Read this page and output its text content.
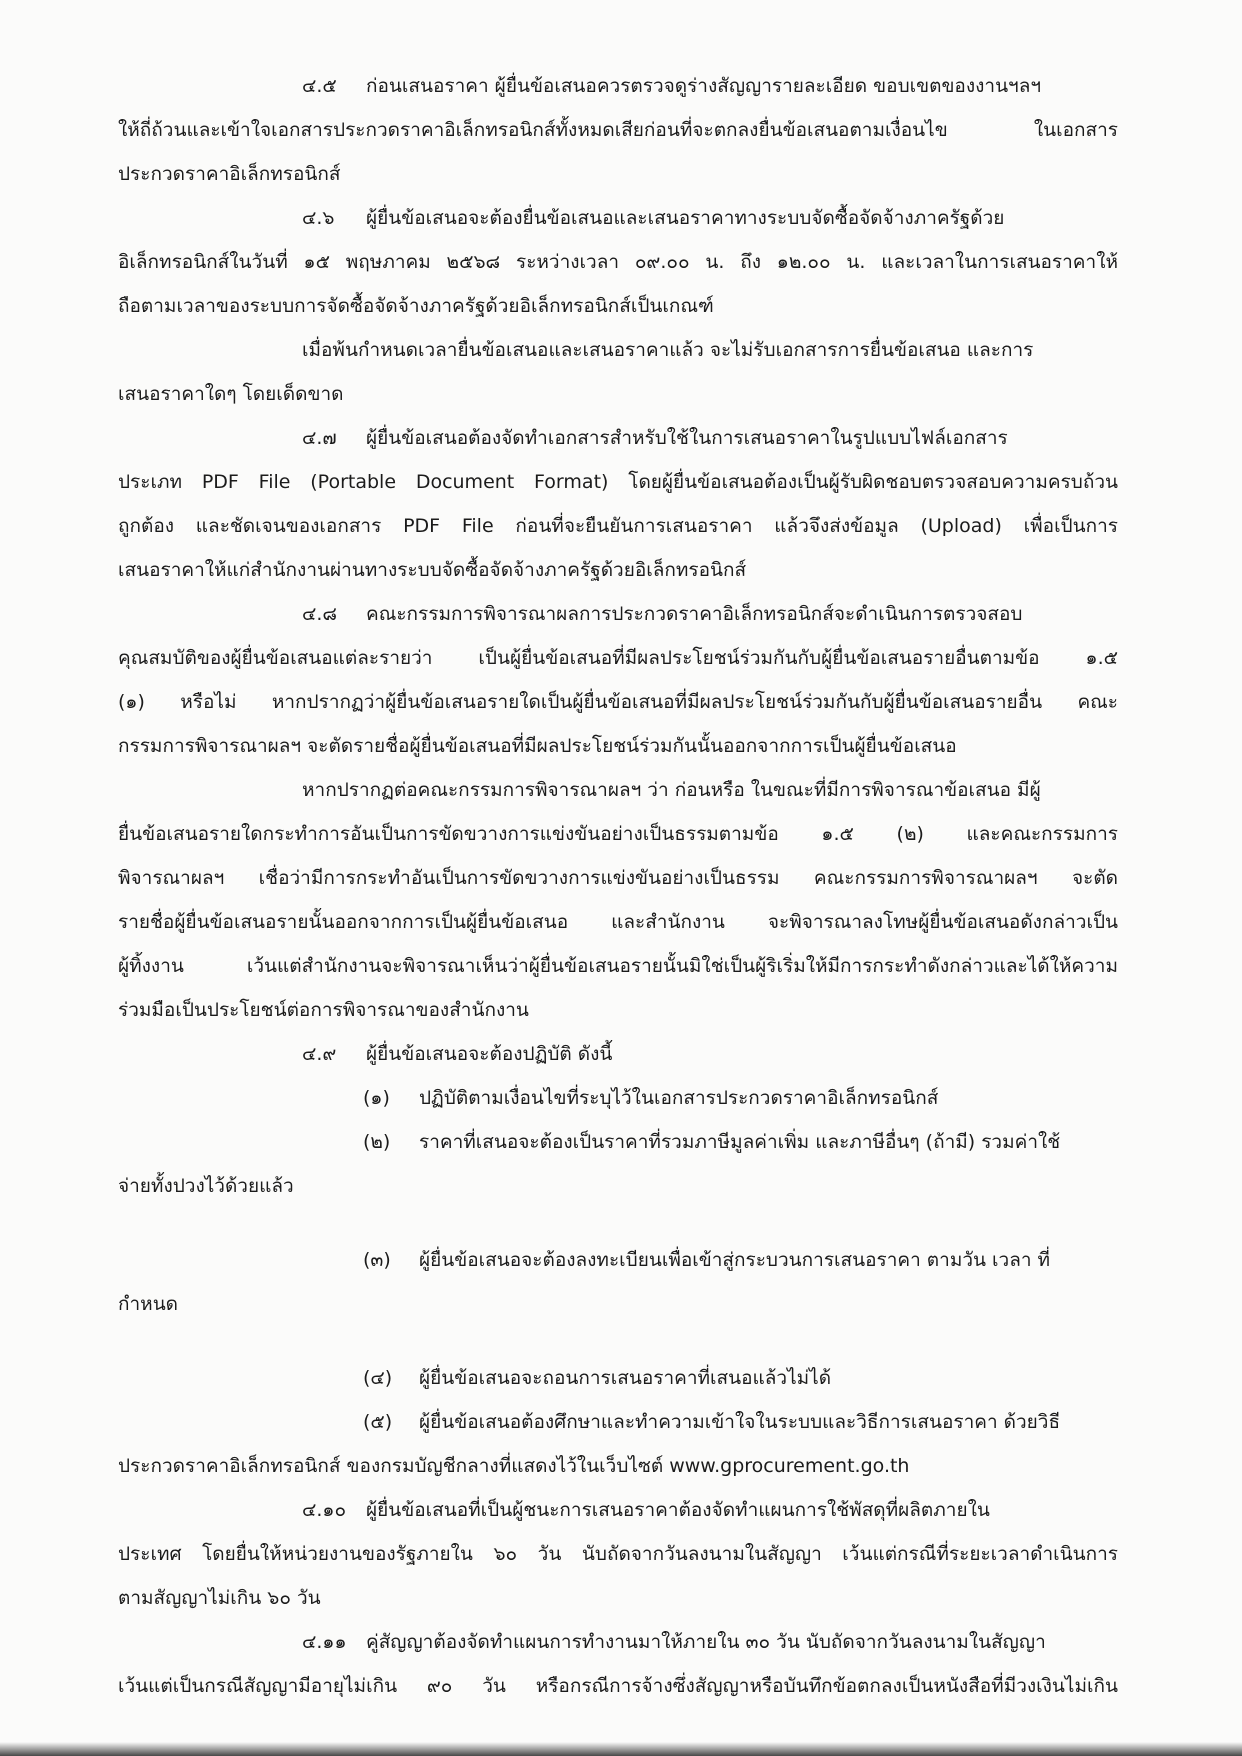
๔.๕ ก่อนเสนอราคา ผู้ยื่นข้อเสนอควรตรวจดูร่างสัญญารายละเอียด ขอบเขตของงานฯลฯ
ให้ถี่ถ้วนและเข้าใจเอกสารประกวดราคาอิเล็กทรอนิกส์ทั้งหมดเสียก่อนที่จะตกลงยื่นข้อเสนอตามเงื่อนไข ในเอกสาร
ประกวดราคาอิเล็กทรอนิกส์
๔.๖ ผู้ยื่นข้อเสนอจะต้องยื่นข้อเสนอและเสนอราคาทางระบบจัดซื้อจัดจ้างภาครัฐด้วย
อิเล็กทรอนิกส์ในวันที่ ๑๕ พฤษภาคม ๒๕๖๘ ระหว่างเวลา ๐๙.๐๐ น. ถึง ๑๒.๐๐ น. และเวลาในการเสนอราคาให้
ถือตามเวลาของระบบการจัดซื้อจัดจ้างภาครัฐด้วยอิเล็กทรอนิกส์เป็นเกณฑ์
เมื่อพ้นกำหนดเวลายื่นข้อเสนอและเสนอราคาแล้ว จะไม่รับเอกสารการยื่นข้อเสนอ และการ
เสนอราคาใดๆ โดยเด็ดขาด
๔.๗ ผู้ยื่นข้อเสนอต้องจัดทำเอกสารสำหรับใช้ในการเสนอราคาในรูปแบบไฟล์เอกสาร
ประเภท PDF File (Portable Document Format) โดยผู้ยื่นข้อเสนอต้องเป็นผู้รับผิดชอบตรวจสอบความครบถ้วน
ถูกต้อง และชัดเจนของเอกสาร PDF File ก่อนที่จะยืนยันการเสนอราคา แล้วจึงส่งข้อมูล (Upload) เพื่อเป็นการ
เสนอราคาให้แก่สำนักงานผ่านทางระบบจัดซื้อจัดจ้างภาครัฐด้วยอิเล็กทรอนิกส์
๔.๘ คณะกรรมการพิจารณาผลการประกวดราคาอิเล็กทรอนิกส์จะดำเนินการตรวจสอบ
คุณสมบัติของผู้ยื่นข้อเสนอแต่ละรายว่า เป็นผู้ยื่นข้อเสนอที่มีผลประโยชน์ร่วมกันกับผู้ยื่นข้อเสนอรายอื่นตามข้อ ๑.๕
(๑) หรือไม่ หากปรากฏว่าผู้ยื่นข้อเสนอรายใดเป็นผู้ยื่นข้อเสนอที่มีผลประโยชน์ร่วมกันกับผู้ยื่นข้อเสนอรายอื่น คณะ
กรรมการพิจารณาผลฯ จะตัดรายชื่อผู้ยื่นข้อเสนอที่มีผลประโยชน์ร่วมกันนั้นออกจากการเป็นผู้ยื่นข้อเสนอ
หากปรากฏต่อคณะกรรมการพิจารณาผลฯ ว่า ก่อนหรือ ในขณะที่มีการพิจารณาข้อเสนอ มีผู้
ยื่นข้อเสนอรายใดกระทำการอันเป็นการขัดขวางการแข่งขันอย่างเป็นธรรมตามข้อ ๑.๕ (๒) และคณะกรรมการ
พิจารณาผลฯ เชื่อว่ามีการกระทำอันเป็นการขัดขวางการแข่งขันอย่างเป็นธรรม คณะกรรมการพิจารณาผลฯ จะตัด
รายชื่อผู้ยื่นข้อเสนอรายนั้นออกจากการเป็นผู้ยื่นข้อเสนอ และสำนักงาน จะพิจารณาลงโทษผู้ยื่นข้อเสนอดังกล่าวเป็น
ผู้ทิ้งงาน เว้นแต่สำนักงานจะพิจารณาเห็นว่าผู้ยื่นข้อเสนอรายนั้นมิใช่เป็นผู้ริเริ่มให้มีการกระทำดังกล่าวและได้ให้ความ
ร่วมมือเป็นประโยชน์ต่อการพิจารณาของสำนักงาน
๔.๙ ผู้ยื่นข้อเสนอจะต้องปฏิบัติ ดังนี้
(๑) ปฏิบัติตามเงื่อนไขที่ระบุไว้ในเอกสารประกวดราคาอิเล็กทรอนิกส์
(๒) ราคาที่เสนอจะต้องเป็นราคาที่รวมภาษีมูลค่าเพิ่ม และภาษีอื่นๆ (ถ้ามี) รวมค่าใช้
จ่ายทั้งปวงไว้ด้วยแล้ว
(๓) ผู้ยื่นข้อเสนอจะต้องลงทะเบียนเพื่อเข้าสู่กระบวนการเสนอราคา ตามวัน เวลา ที่
กำหนด
(๔) ผู้ยื่นข้อเสนอจะถอนการเสนอราคาที่เสนอแล้วไม่ได้
(๕) ผู้ยื่นข้อเสนอต้องศึกษาและทำความเข้าใจในระบบและวิธีการเสนอราคา ด้วยวิธี
ประกวดราคาอิเล็กทรอนิกส์ ของกรมบัญชีกลางที่แสดงไว้ในเว็บไซต์ www.gprocurement.go.th
๔.๑๐ ผู้ยื่นข้อเสนอที่เป็นผู้ชนะการเสนอราคาต้องจัดทำแผนการใช้พัสดุที่ผลิตภายใน
ประเทศ โดยยื่นให้หน่วยงานของรัฐภายใน ๖๐ วัน นับถัดจากวันลงนามในสัญญา เว้นแต่กรณีที่ระยะเวลาดำเนินการ
ตามสัญญาไม่เกิน ๖๐ วัน
๔.๑๑ คู่สัญญาต้องจัดทำแผนการทำงานมาให้ภายใน ๓๐ วัน นับถัดจากวันลงนามในสัญญา
เว้นแต่เป็นกรณีสัญญามีอายุไม่เกิน ๙๐ วัน หรือกรณีการจ้างซึ่งสัญญาหรือบันทึกข้อตกลงเป็นหนังสือที่มีวงเงินไม่เกิน
